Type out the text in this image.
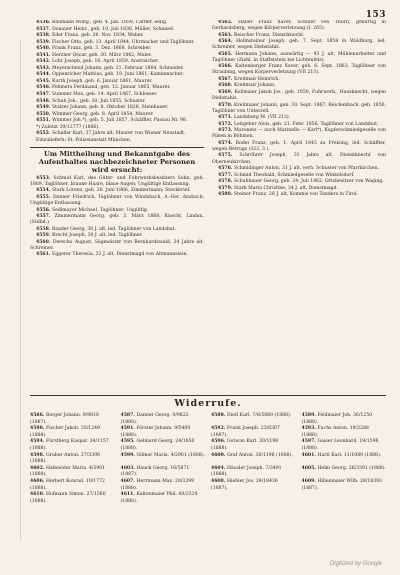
153

4536. Baumann Wolfg., geb. 4. Jan. 1859, Cattler, ledig.

4537. Donauer Heinr., geb. 10. Juli 1836, Müller, Schmied.

4538. Eder Franz, geb. 26. Nov. 1834, Weber.

4539. Fischer Otto, geb. 13. April 1844, Uhrmacher und Taglöhner.

4540. Frank Franz, geb. 3. Dez. 1868, Schreiber.

4541. Herzner Oscar, geb. 30. März 1862, Maler.

4542. Lohr Joseph, geb. 16. April 1859, Anstreicher.

4543. Meyerschmid Johann, geb. 21. Februar 1864, Schneider.

4544. Oppenricher Mathias, geb. 19. Juni 1861, Kaminmacher.

4545. Kurth Joseph, geb. 6. Januar 1861, Maurer.

4546. Pehmers Ferdinand, geb. 12. Januar 1865, Maurer.

4547. Summer Max, geb. 14. April 1867, Schlosser.

4548. Schuh Joh., geb. 30. Juli 1855, Schuster.

4549. Stalzer Johann, geb. 8. Oktober 1826, Steinhauer.

4550. Wimmer Georg, geb. 8. April 1854, Maurer.

4551. Wimmer Joh.*), geb. 5. Juli 1857, Schäffler, Passau Nr. 98.

*) Zuletzt 39/12777 (1886).

4552. Schaller Karl, 37 Jahre alt, Maurer von Wiener Neustadt.

Einzuliefern: St. Polizeianstalt München.

Um Mittheilung und Bekanntgabe des Aufenthaltes nachbezeichneter Personen wird ersucht:

4553. Schmid Karl, des Güter- und Fuhrwerksbesitzers Sohn, geb. 1869, Taglöhner, braune Haare, blaue Augen; Ungültige Entlassung.

4554. Stark Lorenz, geb. 20. Juni 1866, Zimmermann; Steckbrief.

4555. Danner Friedrich, Taglöhner von Windsbach, A.-Ger. Ansbach; Ungültige Entlassung.

4556. Sedlmayer Michael, Taglöhner; Ungültig.

4557. Zimmermann Georg, geb. 3. März 1868, Knecht, Lindau. (Stdbd.).

4558. Baader Georg, 30 J. alt, led. Taglöhner von Landshut.

4559. Brecht Joseph, 30 J. alt, led. Taglöhner.

4560. Derecho August, Sägmeister von Bernhardswald, 34 Jahre alt, Schreiner.

4561. Eggerer Theresia, 32 J. alt, Dienstmagd von Altmannstein.

4562. Haber Franz Xaver, Schüler von Thurn, gebürtig in Gerhardsberg, wegen Körperverletzung (I. 265).

4563. Beischer Franz, Dienstknecht.

4564. Hollnsteiner Joseph, geb. 7. Sept. 1858 in Waldburg, led. Schreiner, wegen Diebstahls.

4565. Hermann Johann, auswärtig — 43 J. alt, Mühlenarbeiter und Taglöhner (Ziehl. in Staffelstein bei Lichtenfels).

4566. Kaltenberger Franz Xaver, geb. 6. Sept. 1863, Taglöhner von Straubing, wegen Körperverletzung (VII 213).

4567. Kreitmair Heinrich.

4568. Kreitmair Johann.

4569. Kollmaier Jakob Jos., geb. 1850, Fuhrwerk., Hausknecht, wegen Diebstahls.

4570. Kreitmaier Johann, geb. 30. Sept. 1867, Reichenbach, geb. 1856, Taglöhner von Unterzell.

4571. Landsberg M. (VII 213).

4572. Leitgeber Alois, geb. 21. Febr. 1856, Taglöhner von Landshut.

4573. Maronetz — auch Marinello — Karl*), Kupferschmiedgeselle von Pilsen in Böhmen.

4574. Rodei Franz, geb. 1. April 1845 zu Freising, led. Schäffler, wegen Betrugs (322. 3.).

4575. Schröhrer Joseph, 31 Jahre alt, Dienstknecht von Oberneukirchen.

4576. Schmidinger Anton, 31 J. alt, verh. Schuster von Pfarrkirchen.

4577. Schmid Theobald, Schmiedgeselle von Winkelsdorf.

4578. Schuhbauer Georg, geb. 24. Juli 1862, Ortsbesitzer von Waging.

4579. Stark Maria Christine, 34 J. alt, Dienstmagd.

4580. Steiner Franz, 28 J. alt, Kommis von Tanders in Tirol.

Widerrufe.
4586. Berger Johann. 9/9818 (1887).
4587. Danner Georg. 9/9822 (1888).
4588. Dietl Karl. 7/8/5880 (1888).	4589. Feldmaier Joh. 36/1250 (1888).
4590. Fischer Jakob. 35/1249 (1888).
4591. Förster Johann. 9/5400 (1888).
4592. Frank Joseph. 23/6307 (1887).
4593. Fuchs Anton. 19/2288 (1888).
4594. Fürstberg Kaspar. 34/1157 (1888).
4595. Gebhard Georg. 24/1650 (1888).
4596. Gotwan Karl. 30/1198 (1888).
4597. Gaiser Leonhard. 19/1598 (1888).
4598. Gruber Anton. 27/3398 (1888).
4599. Gilmer Maria. 4/2901 (1888). 4600. Graf Anton. 30/1196 (1888).	4601. Hartl Karl. 11/1089 (1888).
4602. Hafenöder Maria. 4/2901 (1888).
4603. Hauck Georg. 16/5871 (1887).
4604. Häusler Joseph. 7/3491 (1888).
4605. Helm Georg. 26/3301 (1888).
4606. Herbert Konrad. 10/1772 (1888).
4607. Herrmann Max. 28/3299 (1888).
4608. Hiebler Jos. 24/18436 (1887).
4609. Hillenmaier Wilh. 28/18393 (1887).
4610. Hofmann Simon. 27/1560 (1888).
4611. Kaltenmaier Phil. 60/2324 (1888).
Digitized by Google
